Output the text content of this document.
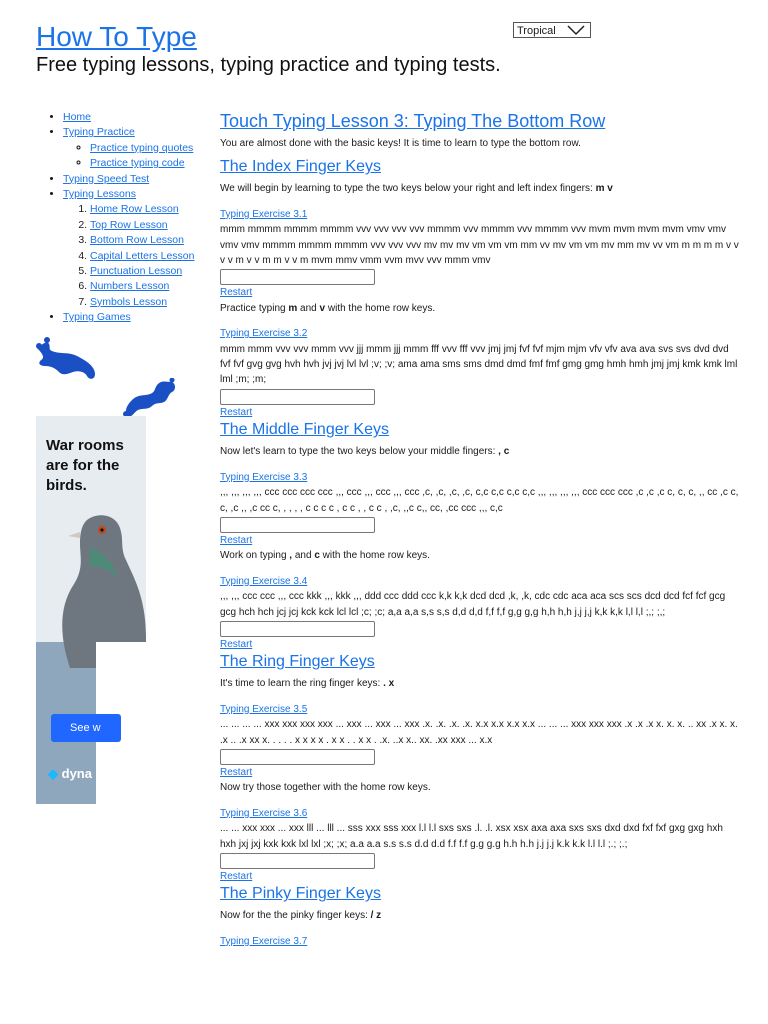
How To Type

Free typing lessons, typing practice and typing tests.

Tropical
• Home
• Typing Practice
◦ Practice typing quotes
◦ Practice typing code
• Typing Speed Test
• Typing Lessons
1. Home Row Lesson
2. Top Row Lesson
3. Bottom Row Lesson
4. Capital Letters Lesson
5. Punctuation Lesson
6. Numbers Lesson
7. Symbols Lesson
• Typing Games
War rooms are for the birds.
See w
◆ dyna
Touch Typing Lesson 3: Typing The Bottom Row

You are almost done with the basic keys! It is time to learn to type the bottom row.

The Index Finger Keys

We will begin by learning to type the two keys below your right and left index fingers: m v

Typing Exercise 3.1

mmm mmmm mmmm mmmm vvv vvv vvv vvv mmmm vvv mmmm vvv mmmm vvv mvm mvm mvm mvm vmv vmv vmv vmv mmmm mmmm mmmm vvv vvv vvv mv mv mv vm vm vm mm vv mv vm vm mv mm mv vv vm m m m m v v v v m v v m m v v m mvm mmv vmm vvm mvv vvv mmm vmv

Restart

Practice typing m and v with the home row keys.

Typing Exercise 3.2

mmm mmm vvv vvv mmm vvv jjj mmm jjj mmm fff vvv fff vvv jmj jmj fvf fvf mjm mjm vfv vfv ava ava svs svs dvd dvd fvf fvf gvg gvg hvh hvh jvj jvj lvl lvl ;v; ;v; ama ama sms sms dmd dmd fmf fmf gmg gmg hmh hmh jmj jmj kmk kmk lml lml ;m; ;m;

Restart
The Middle Finger Keys

Now let's learn to type the two keys below your middle fingers: , c

Typing Exercise 3.3

,,, ,,, ,,, ,,, ccc ccc ccc ccc ,,, ccc ,,, ccc ,,, ccc ,c, ,c, ,c, ,c, c,c c,c c,c c,c ,,, ,,, ,,, ,,, ccc ccc ccc ,c ,c ,c c, c, c, ,, cc ,c c, c, ,c ,, ,c cc c, , , , , c c c c , c c , , c c , ,c, ,,c c,, cc, ,cc ccc ,,, c,c

Restart

Work on typing , and c with the home row keys.

Typing Exercise 3.4

,,, ,,, ccc ccc ,,, ccc kkk ,,, kkk ,,, ddd ccc ddd ccc k,k k,k dcd dcd ,k, ,k, cdc cdc aca aca scs scs dcd dcd fcf fcf gcg gcg hch hch jcj jcj kck kck lcl lcl ;c; ;c; a,a a,a s,s s,s d,d d,d f,f f,f g,g g,g h,h h,h j,j j,j k,k k,k l,l l,l ;,; ;,;

Restart
The Ring Finger Keys

It's time to learn the ring finger keys: . x

Typing Exercise 3.5

... ... ... ... xxx xxx xxx xxx ... xxx ... xxx ... xxx .x. .x. .x. .x. x.x x.x x.x x.x ... ... ... xxx xxx xxx .x .x .x x. x. x. .. xx .x x. x. .x .. .x xx x. . . . . x x x x . x x . . x x . .x. ..x x.. xx. .xx xxx ... x.x

Restart

Now try those together with the home row keys.

Typing Exercise 3.6

... ... xxx xxx ... xxx lll ... lll ... sss xxx sss xxx l.l l.l sxs sxs .l. .l. xsx xsx axa axa sxs sxs dxd dxd fxf fxf gxg gxg hxh hxh jxj jxj kxk kxk lxl lxl ;x; ;x; a.a a.a s.s s.s d.d d.d f.f f.f g.g g.g h.h h.h j.j j.j k.k k.k l.l l.l ;.; ;.;

Restart
The Pinky Finger Keys

Now for the the pinky finger keys: / z

Typing Exercise 3.7
